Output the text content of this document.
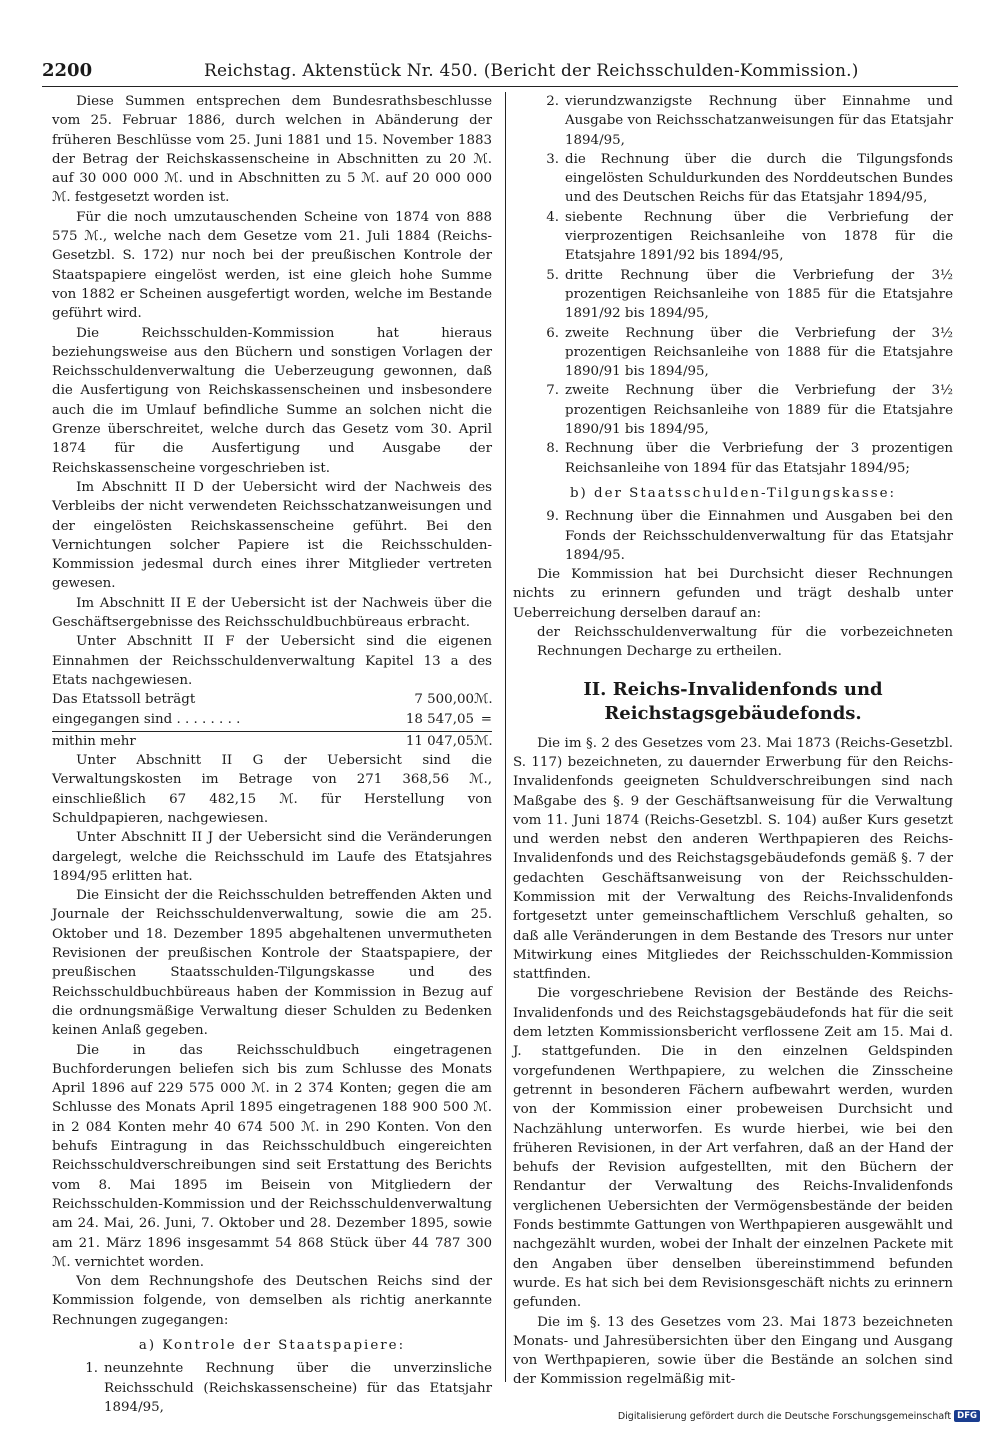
2200	Reichstag. Aktenstück Nr. 450. (Bericht der Reichsschulden-Kommission.)

Diese Summen entsprechen dem Bundesrathsbeschlusse vom 25. Februar 1886, durch welchen in Abänderung der früheren Beschlüsse vom 25. Juni 1881 und 15. November 1883 der Betrag der Reichskassenscheine in Abschnitten zu 20 ℳ. auf 30 000 000 ℳ. und in Abschnitten zu 5 ℳ. auf 20 000 000 ℳ. festgesetzt worden ist.

Für die noch umzutauschenden Scheine von 1874 von 888 575 ℳ., welche nach dem Gesetze vom 21. Juli 1884 (Reichs-Gesetzbl. S. 172) nur noch bei der preußischen Kontrole der Staatspapiere eingelöst werden, ist eine gleich hohe Summe von 1882 er Scheinen ausgefertigt worden, welche im Bestande geführt wird.

Die Reichsschulden-Kommission hat hieraus beziehungsweise aus den Büchern und sonstigen Vorlagen der Reichsschuldenverwaltung die Ueberzeugung gewonnen, daß die Ausfertigung von Reichskassenscheinen und insbesondere auch die im Umlauf befindliche Summe an solchen nicht die Grenze überschreitet, welche durch das Gesetz vom 30. April 1874 für die Ausfertigung und Ausgabe der Reichskassenscheine vorgeschrieben ist.

Im Abschnitt II D der Uebersicht wird der Nachweis des Verbleibs der nicht verwendeten Reichsschatzanweisungen und der eingelösten Reichskassenscheine geführt. Bei den Vernichtungen solcher Papiere ist die Reichsschulden-Kommission jedesmal durch eines ihrer Mitglieder vertreten gewesen.

Im Abschnitt II E der Uebersicht ist der Nachweis über die Geschäftsergebnisse des Reichsschuldbuchbüreaus erbracht.

Unter Abschnitt II F der Uebersicht sind die eigenen Einnahmen der Reichsschuldenverwaltung Kapitel 13 a des Etats nachgewiesen.

Das Etatssoll beträgt	7 500,00 ℳ.
eingegangen sind . . . . . . . .	18 547,05 =
mithin mehr	11 047,05 ℳ.

Unter Abschnitt II G der Uebersicht sind die Verwaltungskosten im Betrage von 271 368,56 ℳ., einschließlich 67 482,15 ℳ. für Herstellung von Schuldpapieren, nachgewiesen.

Unter Abschnitt II J der Uebersicht sind die Veränderungen dargelegt, welche die Reichsschuld im Laufe des Etatsjahres 1894/95 erlitten hat.

Die Einsicht der die Reichsschulden betreffenden Akten und Journale der Reichsschuldenverwaltung, sowie die am 25. Oktober und 18. Dezember 1895 abgehaltenen unvermutheten Revisionen der preußischen Kontrole der Staatspapiere, der preußischen Staatsschulden-Tilgungskasse und des Reichsschuldbuchbüreaus haben der Kommission in Bezug auf die ordnungsmäßige Verwaltung dieser Schulden zu Bedenken keinen Anlaß gegeben.

Die in das Reichsschuldbuch eingetragenen Buchforderungen beliefen sich bis zum Schlusse des Monats April 1896 auf 229 575 000 ℳ. in 2 374 Konten; gegen die am Schlusse des Monats April 1895 eingetragenen 188 900 500 ℳ. in 2 084 Konten mehr 40 674 500 ℳ. in 290 Konten. Von den behufs Eintragung in das Reichsschuldbuch eingereichten Reichsschuldverschreibungen sind seit Erstattung des Berichts vom 8. Mai 1895 im Beisein von Mitgliedern der Reichsschulden-Kommission und der Reichsschuldenverwaltung am 24. Mai, 26. Juni, 7. Oktober und 28. Dezember 1895, sowie am 21. März 1896 insgesammt 54 868 Stück über 44 787 300 ℳ. vernichtet worden.

Von dem Rechnungshofe des Deutschen Reichs sind der Kommission folgende, von demselben als richtig anerkannte Rechnungen zugegangen:

a) Kontrole der Staatspapiere:
1. neunzehnte Rechnung über die unverzinsliche Reichsschuld (Reichskassenscheine) für das Etatsjahr 1894/95,
2. vierundzwanzigste Rechnung über Einnahme und Ausgabe von Reichsschatzanweisungen für das Etatsjahr 1894/95,
3. die Rechnung über die durch die Tilgungsfonds eingelösten Schuldurkunden des Norddeutschen Bundes und des Deutschen Reichs für das Etatsjahr 1894/95,
4. siebente Rechnung über die Verbriefung der vierprozentigen Reichsanleihe von 1878 für die Etatsjahre 1891/92 bis 1894/95,
5. dritte Rechnung über die Verbriefung der 3½ prozentigen Reichsanleihe von 1885 für die Etatsjahre 1891/92 bis 1894/95,
6. zweite Rechnung über die Verbriefung der 3½ prozentigen Reichsanleihe von 1888 für die Etatsjahre 1890/91 bis 1894/95,
7. zweite Rechnung über die Verbriefung der 3½ prozentigen Reichsanleihe von 1889 für die Etatsjahre 1890/91 bis 1894/95,
8. Rechnung über die Verbriefung der 3 prozentigen Reichsanleihe von 1894 für das Etatsjahr 1894/95;
b) der Staatsschulden-Tilgungskasse:
9. Rechnung über die Einnahmen und Ausgaben bei den Fonds der Reichsschuldenverwaltung für das Etatsjahr 1894/95.

Die Kommission hat bei Durchsicht dieser Rechnungen nichts zu erinnern gefunden und trägt deshalb unter Ueberreichung derselben darauf an:

der Reichsschuldenverwaltung für die vorbezeichneten Rechnungen Decharge zu ertheilen.

II. Reichs-Invalidenfonds und Reichstagsgebäudefonds.

Die im §. 2 des Gesetzes vom 23. Mai 1873 (Reichs-Gesetzbl. S. 117) bezeichneten, zu dauernder Erwerbung für den Reichs-Invalidenfonds geeigneten Schuldverschreibungen sind nach Maßgabe des §. 9 der Geschäftsanweisung für die Verwaltung vom 11. Juni 1874 (Reichs-Gesetzbl. S. 104) außer Kurs gesetzt und werden nebst den anderen Werthpapieren des Reichs-Invalidenfonds und des Reichstagsgebäudefonds gemäß §. 7 der gedachten Geschäftsanweisung von der Reichsschulden-Kommission mit der Verwaltung des Reichs-Invalidenfonds fortgesetzt unter gemeinschaftlichem Verschluß gehalten, so daß alle Veränderungen in dem Bestande des Tresors nur unter Mitwirkung eines Mitgliedes der Reichsschulden-Kommission stattfinden.

Die vorgeschriebene Revision der Bestände des Reichs-Invalidenfonds und des Reichstagsgebäudefonds hat für die seit dem letzten Kommissionsbericht verflossene Zeit am 15. Mai d. J. stattgefunden. Die in den einzelnen Geldspinden vorgefundenen Werthpapiere, zu welchen die Zinsscheine getrennt in besonderen Fächern aufbewahrt werden, wurden von der Kommission einer probeweisen Durchsicht und Nachzählung unterworfen. Es wurde hierbei, wie bei den früheren Revisionen, in der Art verfahren, daß an der Hand der behufs der Revision aufgestellten, mit den Büchern der Rendantur der Verwaltung des Reichs-Invalidenfonds verglichenen Uebersichten der Vermögensbestände der beiden Fonds bestimmte Gattungen von Werthpapieren ausgewählt und nachgezählt wurden, wobei der Inhalt der einzelnen Packete mit den Angaben über denselben übereinstimmend befunden wurde. Es hat sich bei dem Revisionsgeschäft nichts zu erinnern gefunden.

Die im §. 13 des Gesetzes vom 23. Mai 1873 bezeichneten Monats- und Jahresübersichten über den Eingang und Ausgang von Werthpapieren, sowie über die Bestände an solchen sind der Kommission regelmäßig mit-

Digitalisierung gefördert durch die Deutsche Forschungsgemeinschaft DFG
